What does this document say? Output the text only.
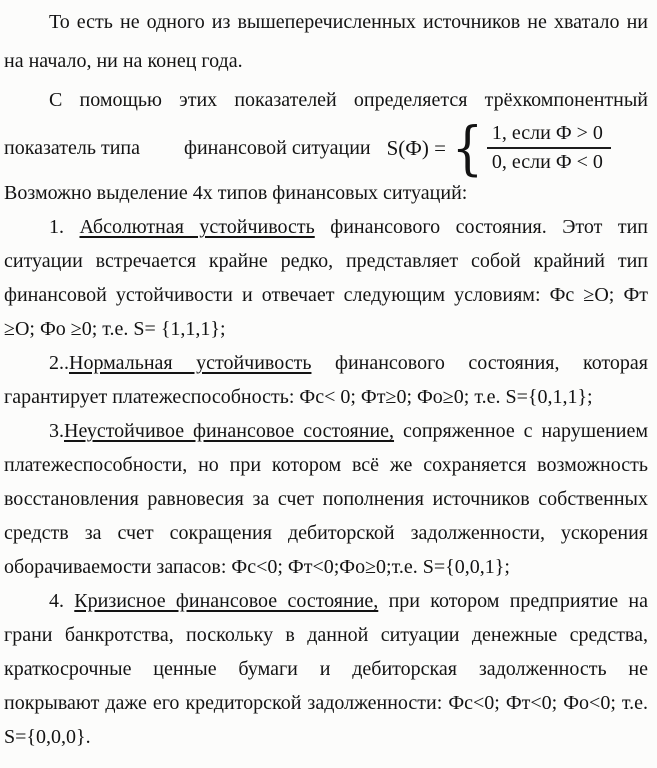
То есть не одного из вышеперечисленных источников не хватало ни
на начало, ни на конец года.
С помощью этих показателей определяется трёхкомпонентный
показатель типа финансовой ситуации S(Ф) = { 1, если Ф > 0
0, если Ф < 0
Возможно выделение 4х типов финансовых ситуаций:
1. Абсолютная устойчивость финансового состояния. Этот тип
ситуации встречается крайне редко, представляет собой крайний тип
финансовой устойчивости и отвечает следующим условиям: Фс ≥О; Фт
≥О; Фо ≥0; т.е. S= {1,1,1};
2..Нормальная устойчивость финансового состояния, которая
гарантирует платежеспособность: Фс< 0; Фт≥0; Фо≥0; т.е. S={0,1,1};
3.Неустойчивое финансовое состояние, сопряженное с нарушением
платежеспособности, но при котором всё же сохраняется возможность
восстановления равновесия за счет пополнения источников собственных
средств за счет сокращения дебиторской задолженности, ускорения
оборачиваемости запасов: Фс<0; Фт<0;Фо≥0;т.е. S={0,0,1};
4. Кризисное финансовое состояние, при котором предприятие на
грани банкротства, поскольку в данной ситуации денежные средства,
краткосрочные ценные бумаги и дебиторская задолженность не
покрывают даже его кредиторской задолженности: Фс<0; Фт<0; Фо<0; т.е.
S={0,0,0}.
